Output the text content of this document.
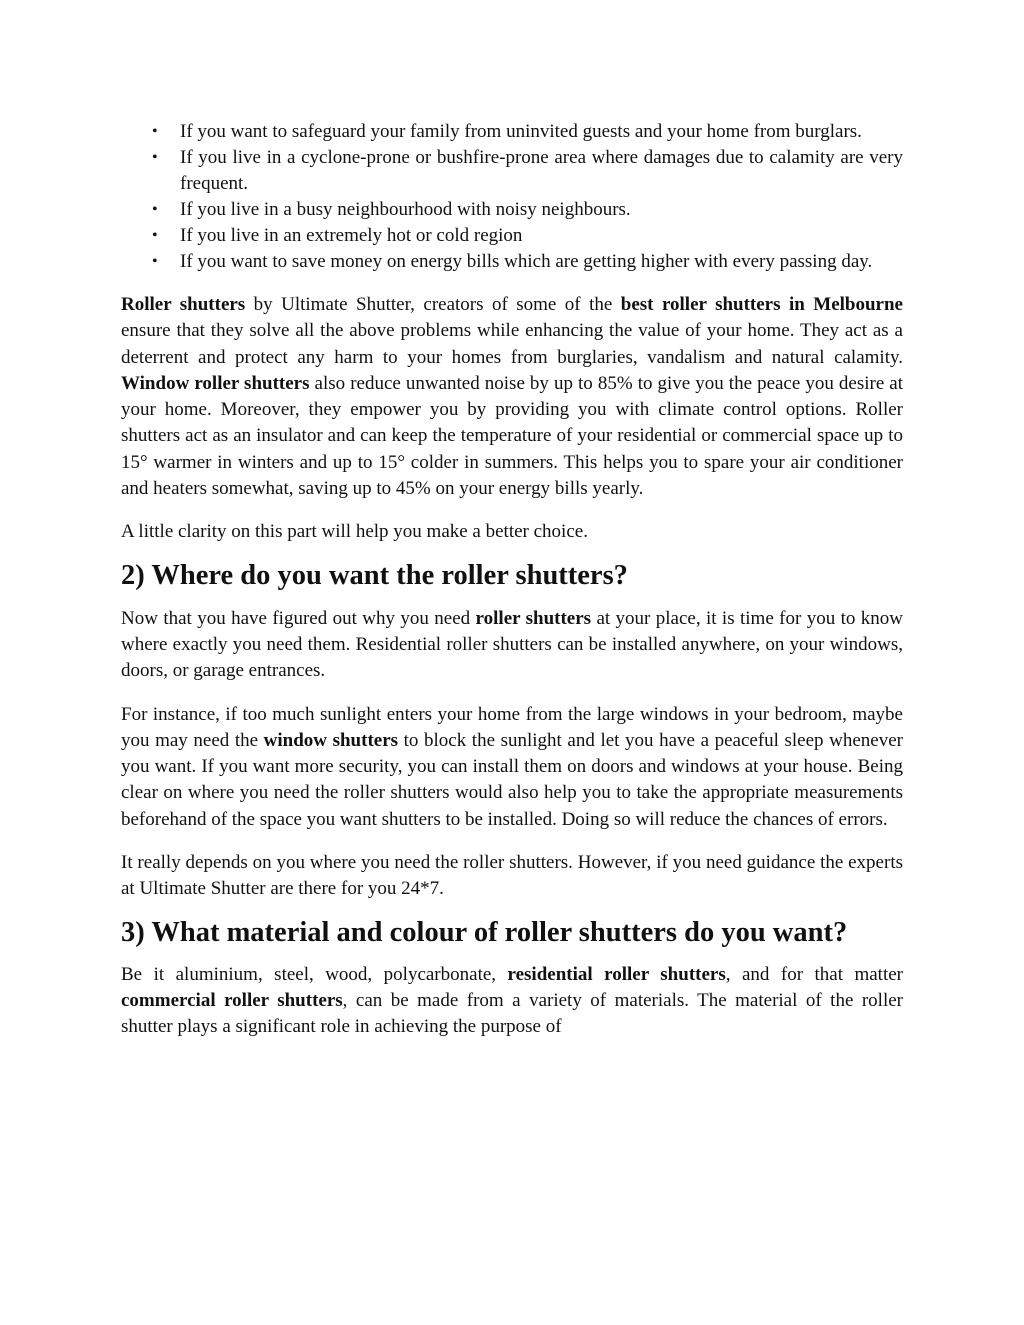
• If you want to safeguard your family from uninvited guests and your home from burglars.
• If you live in a cyclone-prone or bushfire-prone area where damages due to calamity are very frequent.
• If you live in a busy neighbourhood with noisy neighbours.
• If you live in an extremely hot or cold region
• If you want to save money on energy bills which are getting higher with every passing day.

Roller shutters by Ultimate Shutter, creators of some of the best roller shutters in Melbourne ensure that they solve all the above problems while enhancing the value of your home. They act as a deterrent and protect any harm to your homes from burglaries, vandalism and natural calamity. Window roller shutters also reduce unwanted noise by up to 85% to give you the peace you desire at your home. Moreover, they empower you by providing you with climate control options. Roller shutters act as an insulator and can keep the temperature of your residential or commercial space up to 15° warmer in winters and up to 15° colder in summers. This helps you to spare your air conditioner and heaters somewhat, saving up to 45% on your energy bills yearly.

A little clarity on this part will help you make a better choice.

2) Where do you want the roller shutters?

Now that you have figured out why you need roller shutters at your place, it is time for you to know where exactly you need them. Residential roller shutters can be installed anywhere, on your windows, doors, or garage entrances.

For instance, if too much sunlight enters your home from the large windows in your bedroom, maybe you may need the window shutters to block the sunlight and let you have a peaceful sleep whenever you want. If you want more security, you can install them on doors and windows at your house. Being clear on where you need the roller shutters would also help you to take the appropriate measurements beforehand of the space you want shutters to be installed. Doing so will reduce the chances of errors.

It really depends on you where you need the roller shutters. However, if you need guidance the experts at Ultimate Shutter are there for you 24*7.

3) What material and colour of roller shutters do you want?

Be it aluminium, steel, wood, polycarbonate, residential roller shutters, and for that matter commercial roller shutters, can be made from a variety of materials. The material of the roller shutter plays a significant role in achieving the purpose of
